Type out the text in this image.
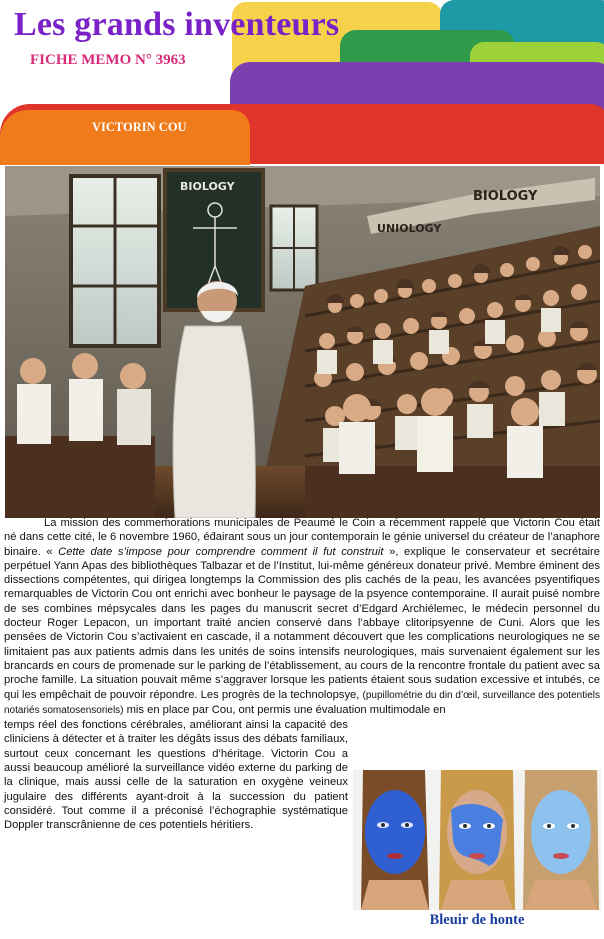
Les grands inventeurs

FICHE MEMO N° 3963

VICTORIN COU

BIOLOGY
UNIOLOGY
BIOLOGY

La mission des commeḿorations municipales de Peaumé le Coin a récemment rappelé que Victorin Cou était né dans cette cité, le 6 novembre 1960, éd́airant sous un jour contemporain le génie universel du créateur de l’anaphore binaire. « Cette date s’impose pour comprendre comment il fut construit », explique le conservateur et secrétaire perpétuel Yann Apas des bibliothèques Talbazar et de l’Institut, lui-même généreux donateur privé. Membre éminent des dissections compétentes, qui dirigea longtemps la Commission des plis cachés de la peau, les avancées psyentifiques remarquables de Victorin Cou ont enrichi avec bonheur le paysage de la psyence contemporaine. Il aurait puisé nombre de ses combines mépsycales dans les pages du manuscrit secret d’Edgard Archiélemec, le médecin personnel du docteur Roger Lepacon, un important traité ancien conservé dans l’abbaye clitoripsyenne de Cuni. Alors que les pensées de Victorin Cou s’activaient en cascade, il a notamment découvert que les complications neurologiques ne se limitaient pas aux patients admis dans les unités de soins intensifs neurologiques, mais survenaient également sur les brancards en cours de promenade sur le parking de l’établissement, au cours de la rencontre frontale du patient avec sa proche famille. La situation pouvait même s’aggraver lorsque les patients étaient sous sudation excessive et intubés, ce qui les empêchait de pouvoir répondre. Les progrès de la technolopsye, (pupillométrie du din d’œil, surveillance des potentiels notariés somatosensoriels) mis en place par Cou, ont permis une évaluation multimodale en

temps réel des fonctions cérébrales, améliorant ainsi la capacité des cliniciens à détecter et à traiter les dégâts issus des débats familiaux, surtout ceux concernant les questions d’héritage. Victorin Cou a aussi beaucoup amélioré la surveillance vidéo externe du parking de la clinique, mais aussi celle de la saturation en oxygène veineux jugulaire des différents ayant-droit à la succession du patient considéré. Tout comme il a préconisé l’échographie systématique Doppler transcrânienne de ces potentiels héritiers.

Bleuir de honte
